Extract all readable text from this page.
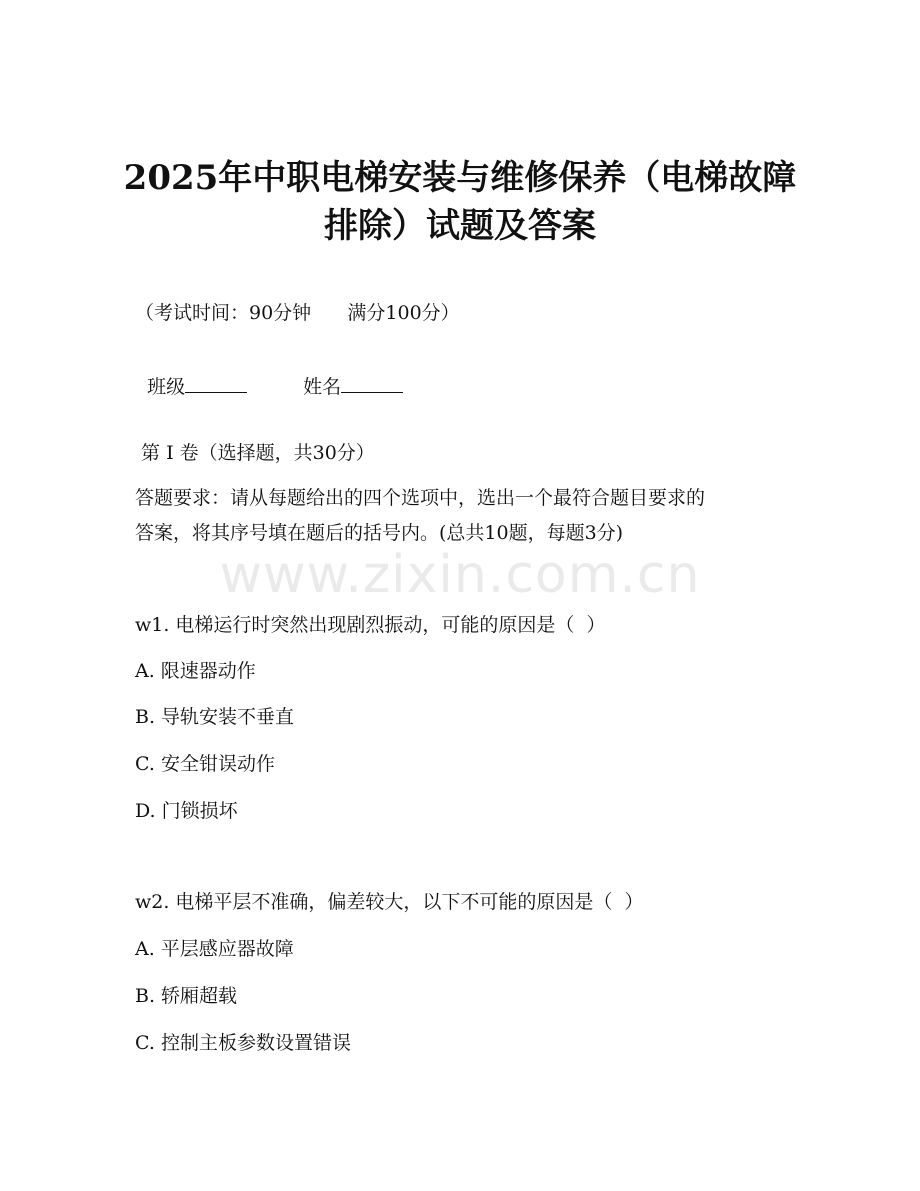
2025年中职电梯安装与维修保养（电梯故障
排除）试题及答案
（考试时间：90分钟      满分100分）

班级	姓名

第 I 卷（选择题，共30分）
答题要求：请从每题给出的四个选项中，选出一个最符合题目要求的
答案，将其序号填在题后的括号内。(总共10题，每题3分)
www.zixin.com.cn
w1. 电梯运行时突然出现剧烈振动，可能的原因是（  ）
A. 限速器动作
B. 导轨安装不垂直
C. 安全钳误动作
D. 门锁损坏
w2. 电梯平层不准确，偏差较大，以下不可能的原因是（  ）
A. 平层感应器故障
B. 轿厢超载
C. 控制主板参数设置错误
